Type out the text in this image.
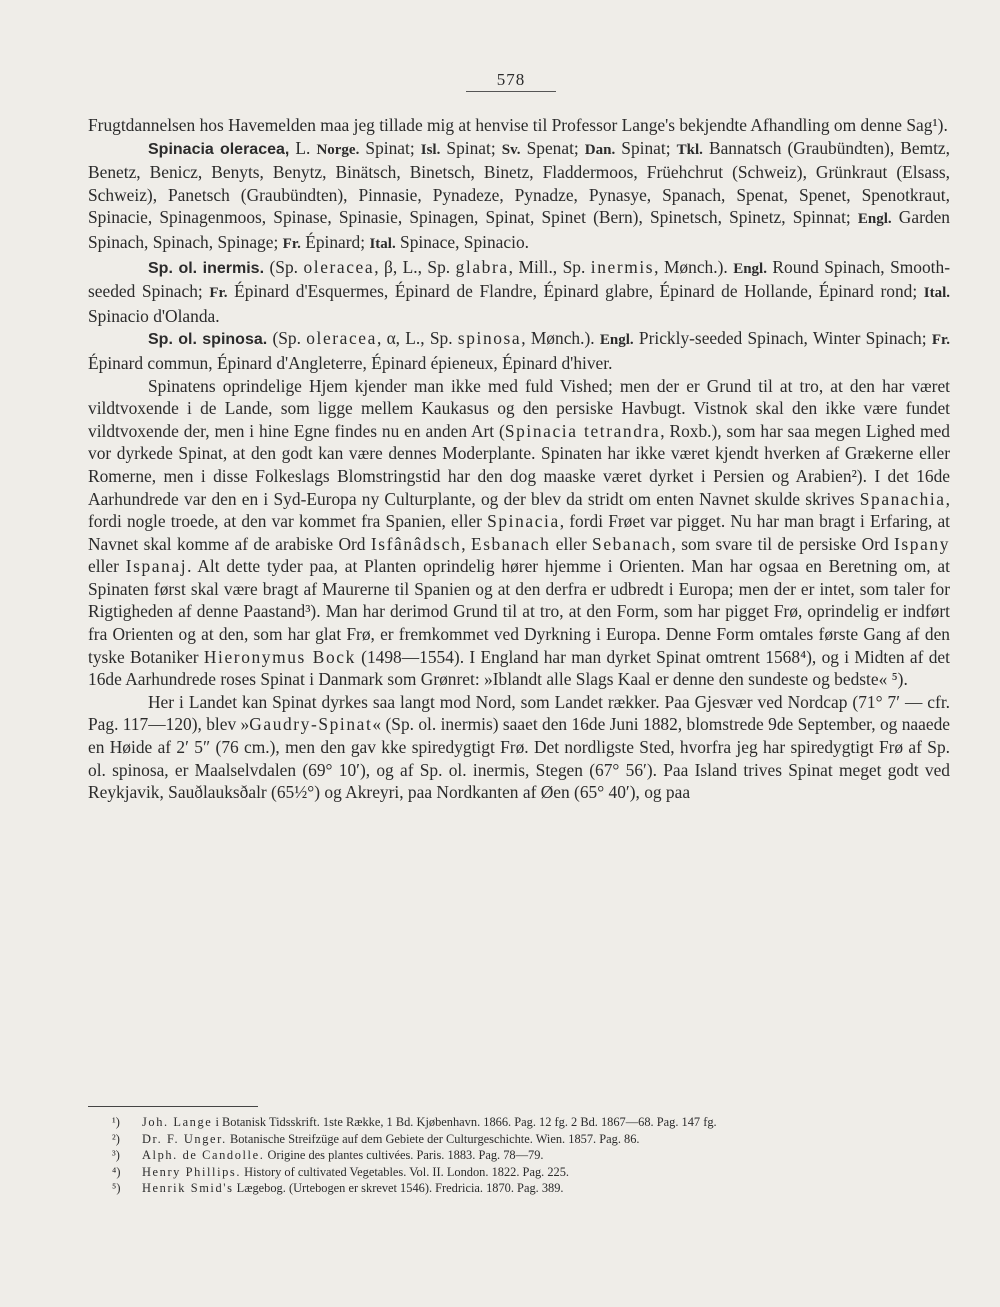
578

Frugtdannelsen hos Havemelden maa jeg tillade mig at henvise til Professor Lange's bekjendte Afhandling om denne Sag¹).

Spinacia oleracea, L. Norge. Spinat; Isl. Spinat; Sv. Spenat; Dan. Spinat; Tkl. Bannatsch (Graubündten), Bemtz, Benetz, Benicz, Benyts, Benytz, Binätsch, Binetsch, Binetz, Fladdermoos, Früehchrut (Schweiz), Grünkraut (Elsass, Schweiz), Panetsch (Graubündten), Pinnasie, Pynadeze, Pynadze, Pynasye, Spanach, Spenat, Spenet, Spenotkraut, Spinacie, Spinagenmoos, Spinase, Spinasie, Spinagen, Spinat, Spinet (Bern), Spinetsch, Spinetz, Spinnat; Engl. Garden Spinach, Spinach, Spinage; Fr. Épinard; Ital. Spinace, Spinacio.

Sp. ol. inermis. (Sp. oleracea, β, L., Sp. glabra, Mill., Sp. inermis, Mønch.). Engl. Round Spinach, Smooth-seeded Spinach; Fr. Épinard d'Esquermes, Épinard de Flandre, Épinard glabre, Épinard de Hollande, Épinard rond; Ital. Spinacio d'Olanda.

Sp. ol. spinosa. (Sp. oleracea, α, L., Sp. spinosa, Mønch.). Engl. Prickly-seeded Spinach, Winter Spinach; Fr. Épinard commun, Épinard d'Angleterre, Épinard épieneux, Épinard d'hiver.

Spinatens oprindelige Hjem kjender man ikke med fuld Vished; men der er Grund til at tro, at den har været vildtvoxende i de Lande, som ligge mellem Kaukasus og den persiske Havbugt. Vistnok skal den ikke være fundet vildtvoxende der, men i hine Egne findes nu en anden Art (Spinacia tetrandra, Roxb.), som har saa megen Lighed med vor dyrkede Spinat, at den godt kan være dennes Moderplante. Spinaten har ikke været kjendt hverken af Grækerne eller Romerne, men i disse Folkeslags Blomstringstid har den dog maaske været dyrket i Persien og Arabien²). I det 16de Aarhundrede var den en i Syd-Europa ny Culturplante, og der blev da stridt om enten Navnet skulde skrives Spanachia, fordi nogle troede, at den var kommet fra Spanien, eller Spinacia, fordi Frøet var pigget. Nu har man bragt i Erfaring, at Navnet skal komme af de arabiske Ord Isfânâdsch, Esbanach eller Sebanach, som svare til de persiske Ord Ispany eller Ispanaj. Alt dette tyder paa, at Planten oprindelig hører hjemme i Orienten. Man har ogsaa en Beretning om, at Spinaten først skal være bragt af Maurerne til Spanien og at den derfra er udbredt i Europa; men der er intet, som taler for Rigtigheden af denne Paastand³). Man har derimod Grund til at tro, at den Form, som har pigget Frø, oprindelig er indført fra Orienten og at den, som har glat Frø, er fremkommet ved Dyrkning i Europa. Denne Form omtales første Gang af den tyske Botaniker Hieronymus Bock (1498—1554). I England har man dyrket Spinat omtrent 1568⁴), og i Midten af det 16de Aarhundrede roses Spinat i Danmark som Grønret: »Iblandt alle Slags Kaal er denne den sundeste og bedste« ⁵).

Her i Landet kan Spinat dyrkes saa langt mod Nord, som Landet rækker. Paa Gjesvær ved Nordcap (71° 7′ — cfr. Pag. 117—120), blev »Gaudry-Spinat« (Sp. ol. inermis) saaet den 16de Juni 1882, blomstrede 9de September, og naaede en Høide af 2′ 5″ (76 cm.), men den gav kke spiredygtigt Frø. Det nordligste Sted, hvorfra jeg har spiredygtigt Frø af Sp. ol. spinosa, er Maalselvdalen (69° 10′), og af Sp. ol. inermis, Stegen (67° 56′). Paa Island trives Spinat meget godt ved Reykjavik, Sauðlauksðalr (65½°) og Akreyri, paa Nordkanten af Øen (65° 40′), og paa

¹) Joh. Lange i Botanisk Tidsskrift. 1ste Række, 1 Bd. Kjøbenhavn. 1866. Pag. 12 fg. 2 Bd. 1867—68. Pag. 147 fg.

²) Dr. F. Unger. Botanische Streifzüge auf dem Gebiete der Culturgeschichte. Wien. 1857. Pag. 86.

³) Alph. de Candolle. Origine des plantes cultivées. Paris. 1883. Pag. 78—79.

⁴) Henry Phillips. History of cultivated Vegetables. Vol. II. London. 1822. Pag. 225.

⁵) Henrik Smid's Lægebog. (Urtebogen er skrevet 1546). Fredricia. 1870. Pag. 389.
